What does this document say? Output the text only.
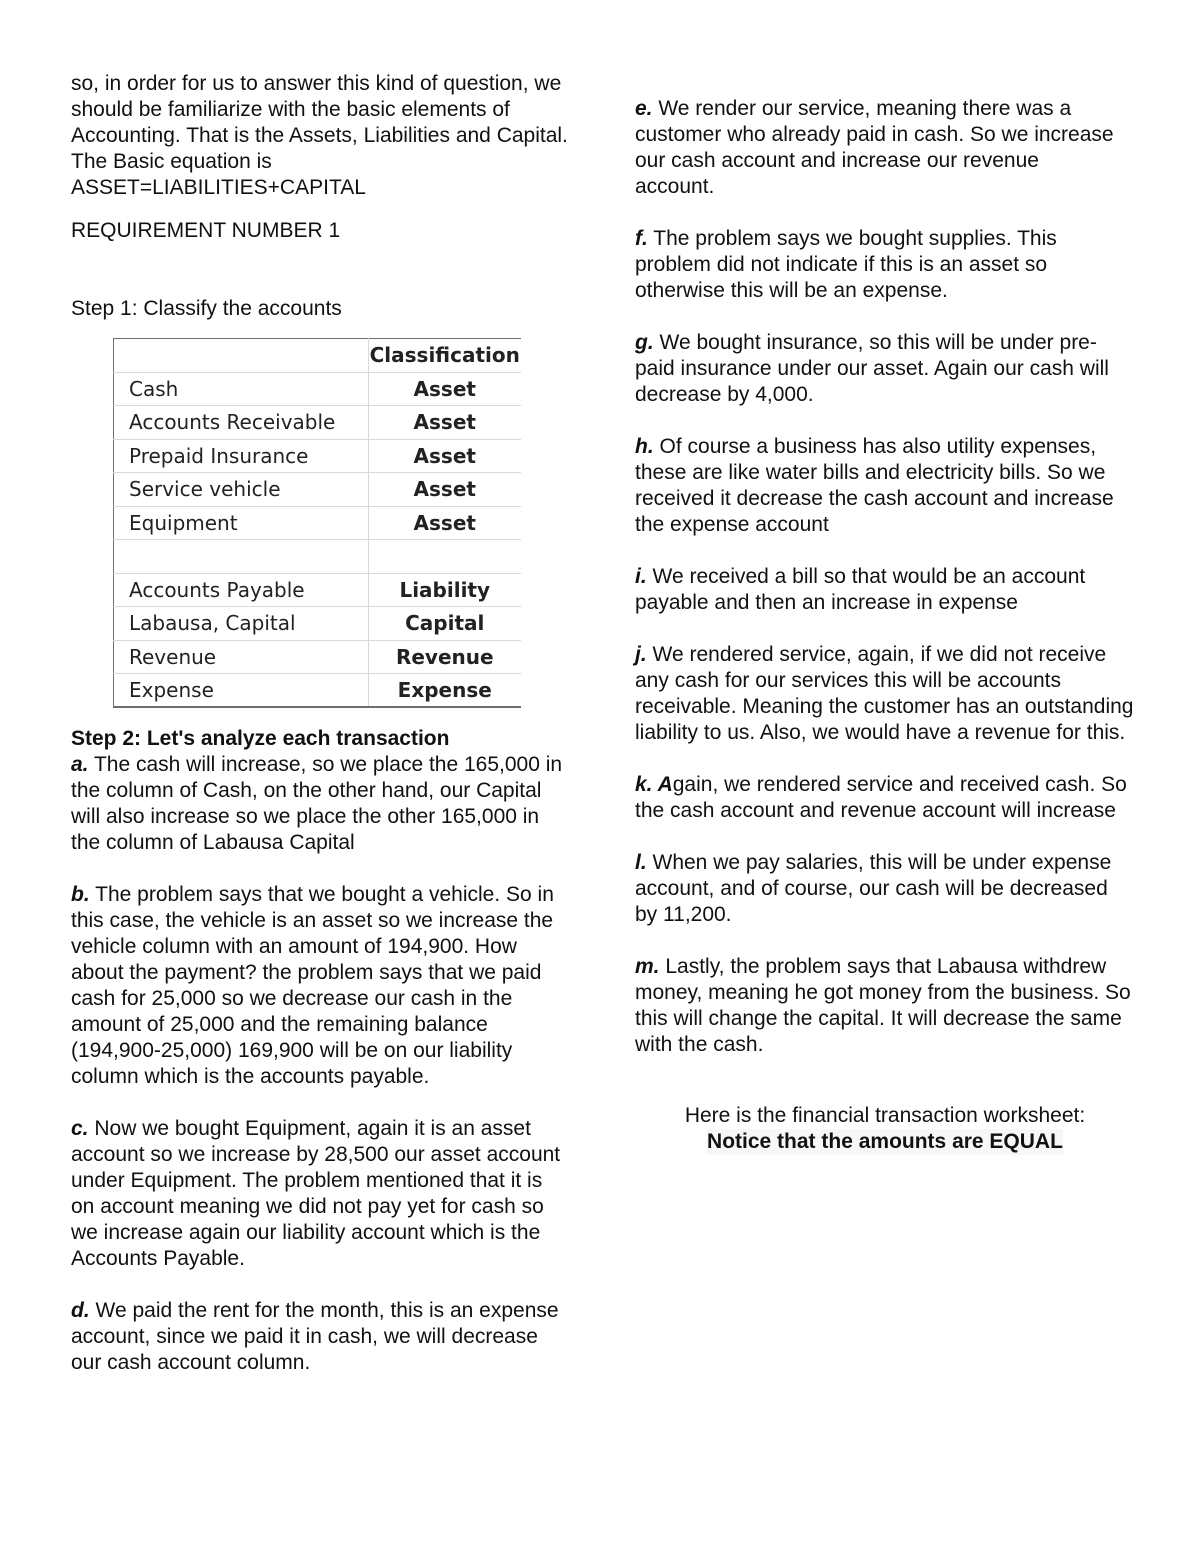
so, in order for us to answer this kind of question, we should be familiarize with the basic elements of Accounting. That is the Assets, Liabilities and Capital. The Basic equation is ASSET=LIABILITIES+CAPITAL

REQUIREMENT NUMBER 1

Step 1: Classify the accounts

	Classification
Cash	Asset
Accounts Receivable	Asset
Prepaid Insurance	Asset
Service vehicle	Asset
Equipment	Asset

Accounts Payable	Liability
Labausa, Capital	Capital
Revenue	Revenue
Expense	Expense

Step 2: Let's analyze each transaction

a. The cash will increase, so we place the 165,000 in the column of Cash, on the other hand, our Capital will also increase so we place the other 165,000 in the column of Labausa Capital

b. The problem says that we bought a vehicle. So in this case, the vehicle is an asset so we increase the vehicle column with an amount of 194,900. How about the payment? the problem says that we paid cash for 25,000 so we decrease our cash in the amount of 25,000 and the remaining balance (194,900-25,000) 169,900 will be on our liability column which is the accounts payable.

c. Now we bought Equipment, again it is an asset account so we increase by 28,500 our asset account under Equipment. The problem mentioned that it is on account meaning we did not pay yet for cash so we increase again our liability account which is the Accounts Payable.

d. We paid the rent for the month, this is an expense account, since we paid it in cash, we will decrease our cash account column.

e. We render our service, meaning there was a customer who already paid in cash. So we increase our cash account and increase our revenue
account.

f. The problem says we bought supplies. This problem did not indicate if this is an asset so otherwise this will be an expense.

g. We bought insurance, so this will be under pre-paid insurance under our asset. Again our cash will decrease by 4,000.

h. Of course a business has also utility expenses, these are like water bills and electricity bills. So we received it decrease the cash account and increase the expense account

i. We received a bill so that would be an account payable and then an increase in expense

j. We rendered service, again, if we did not receive any cash for our services this will be accounts receivable. Meaning the customer has an outstanding liability to us. Also, we would have a revenue for this.

k. Again, we rendered service and received cash. So the cash account and revenue account will increase

l. When we pay salaries, this will be under expense account, and of course, our cash will be decreased by 11,200.

m. Lastly, the problem says that Labausa withdrew money, meaning he got money from the business. So this will change the capital. It will decrease the same with the cash.

Here is the financial transaction worksheet:
Notice that the amounts are EQUAL
